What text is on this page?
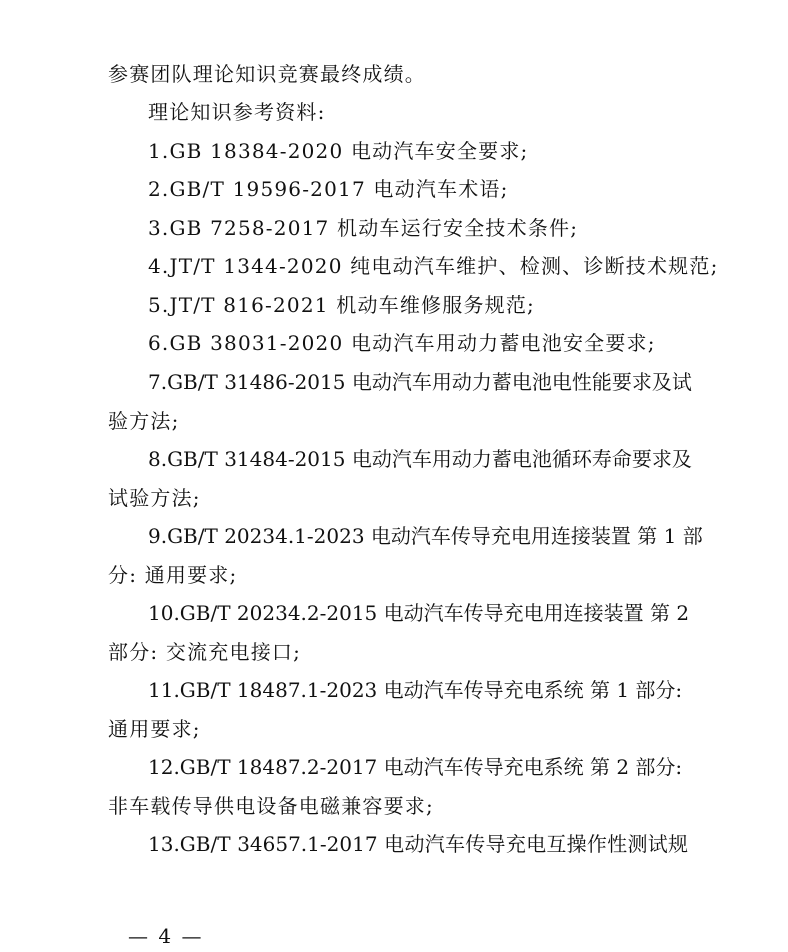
参赛团队理论知识竞赛最终成绩。
理论知识参考资料:
1.GB 18384-2020 电动汽车安全要求;
2.GB/T 19596-2017 电动汽车术语;
3.GB 7258-2017 机动车运行安全技术条件;
4.JT/T 1344-2020 纯电动汽车维护、检测、诊断技术规范;
5.JT/T 816-2021 机动车维修服务规范;
6.GB 38031-2020 电动汽车用动力蓄电池安全要求;
7.GB/T 31486-2015 电动汽车用动力蓄电池电性能要求及试
验方法;
8.GB/T 31484-2015 电动汽车用动力蓄电池循环寿命要求及
试验方法;
9.GB/T 20234.1-2023 电动汽车传导充电用连接装置 第 1 部
分: 通用要求;
10.GB/T 20234.2-2015 电动汽车传导充电用连接装置 第 2
部分: 交流充电接口;
11.GB/T 18487.1-2023 电动汽车传导充电系统 第 1 部分:
通用要求;
12.GB/T 18487.2-2017 电动汽车传导充电系统 第 2 部分:
非车载传导供电设备电磁兼容要求;
13.GB/T 34657.1-2017 电动汽车传导充电互操作性测试规
— 4 —
